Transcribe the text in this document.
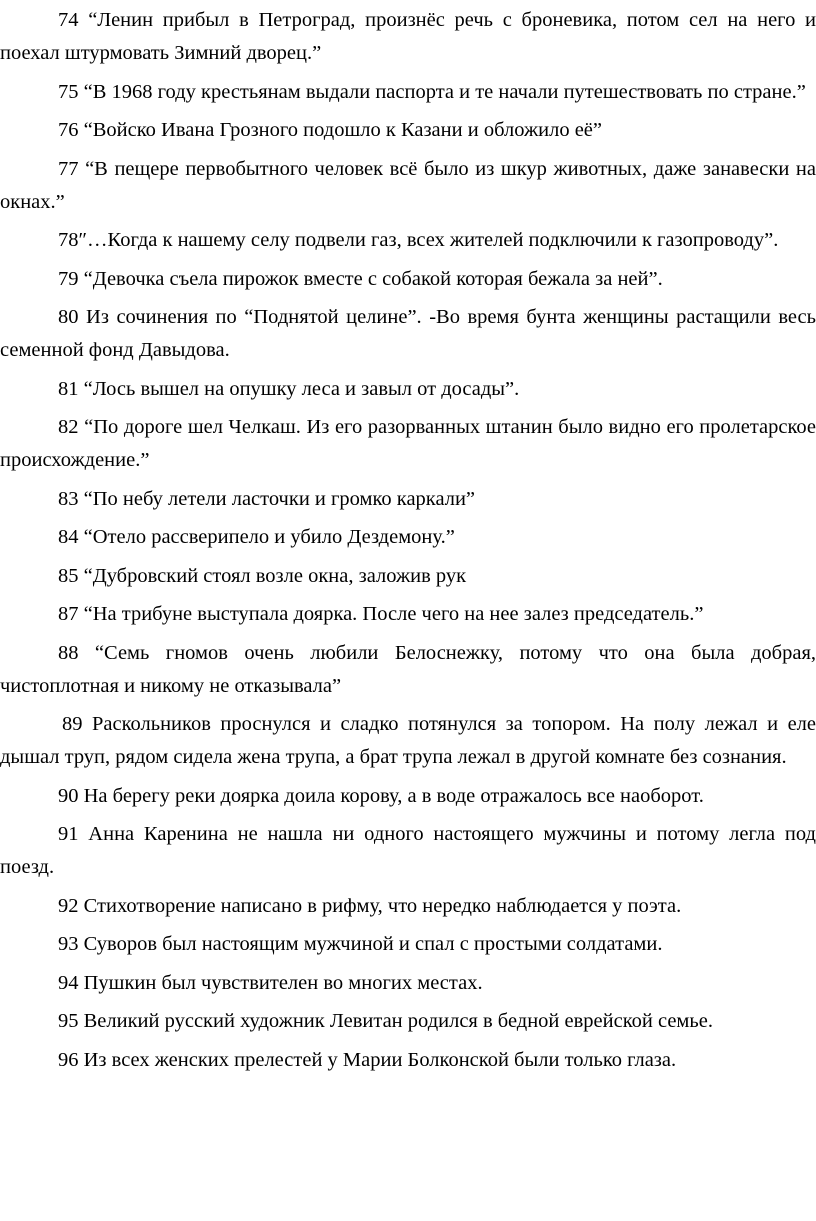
74 “Ленин прибыл в Петроград, произнёс речь с броневика, потом сел на него и поехал штурмовать Зимний дворец.”

75 “В 1968 году крестьянам выдали паспорта и те начали путешествовать по стране.”

76 “Войско Ивана Грозного подошло к Казани и обложило её”

77 “В пещере первобытного человек всё было из шкур животных, даже занавески на окнах.”

78″…Когда к нашему селу подвели газ, всех жителей подключили к газопроводу”.

79 “Девочка съела пирожок вместе с собакой которая бежала за ней”.

80 Из сочинения по “Поднятой целине”. -Во время бунта женщины растащили весь семенной фонд Давыдова.

81 “Лось вышел на опушку леса и завыл от досады”.

82 “По дороге шел Челкаш. Из его разорванных штанин было видно его пролетарское происхождение.”

83 “По небу летели ласточки и громко каркали”

84 “Отело рассверипело и убило Дездемону.”

85 “Дубровский стоял возле окна, заложив рук

87 “На трибуне выступала доярка. После чего на нее залез председатель.”

88 “Семь гномов очень любили Белоснежку, потому что она была добрая, чистоплотная и никому не отказывала”

89 Раскольников проснулся и сладко потянулся за топором. На полу лежал и еле дышал труп, рядом сидела жена трупа, а брат трупа лежал в другой комнате без сознания.

90 На берегу реки доярка доила корову, а в воде отражалось все наоборот.

91 Анна Каренина не нашла ни одного настоящего мужчины и потому легла под поезд.

92 Стихотворение написано в рифму, что нередко наблюдается у поэта.

93 Суворов был настоящим мужчиной и спал с простыми солдатами.

94 Пушкин был чувствителен во многих местах.

95 Великий русский художник Левитан родился в бедной еврейской семье.

96 Из всех женских прелестей у Марии Болконской были только глаза.
